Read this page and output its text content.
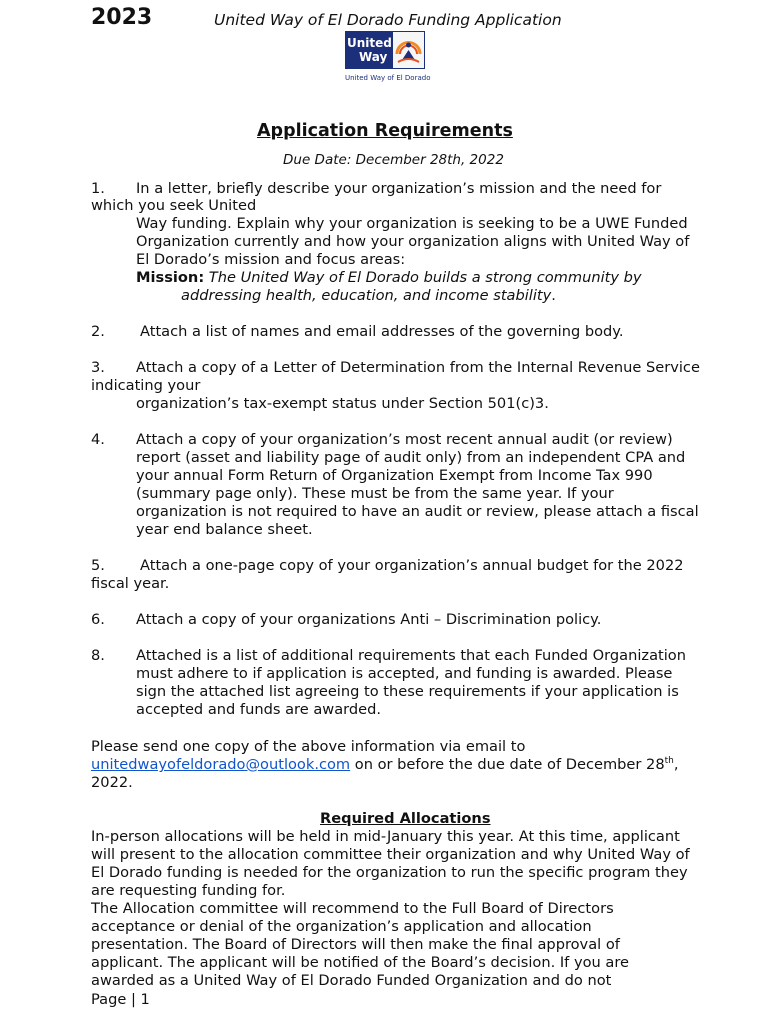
2023	United Way of El Dorado Funding Application
United
Way
United Way of El Dorado
Application Requirements
Due Date: December 28th, 2022
1. In a letter, briefly describe your organization’s mission and the need for
which you seek United
Way funding. Explain why your organization is seeking to be a UWE Funded
Organization currently and how your organization aligns with United Way of
El Dorado’s mission and focus areas:
Mission: The United Way of El Dorado builds a strong community by
addressing health, education, and income stability.
2. Attach a list of names and email addresses of the governing body.
3. Attach a copy of a Letter of Determination from the Internal Revenue Service
indicating your
organization’s tax-exempt status under Section 501(c)3.
4. Attach a copy of your organization’s most recent annual audit (or review)
report (asset and liability page of audit only) from an independent CPA and
your annual Form Return of Organization Exempt from Income Tax 990
(summary page only). These must be from the same year. If your
organization is not required to have an audit or review, please attach a fiscal
year end balance sheet.
5. Attach a one-page copy of your organization’s annual budget for the 2022
fiscal year.
6. Attach a copy of your organizations Anti – Discrimination policy.
8. Attached is a list of additional requirements that each Funded Organization
must adhere to if application is accepted, and funding is awarded. Please
sign the attached list agreeing to these requirements if your application is
accepted and funds are awarded.
Please send one copy of the above information via email to
unitedwayofeldorado@outlook.com on or before the due date of December 28th,
2022.
Required Allocations
In-person allocations will be held in mid-January this year. At this time, applicant
will present to the allocation committee their organization and why United Way of
El Dorado funding is needed for the organization to run the specific program they
are requesting funding for.
The Allocation committee will recommend to the Full Board of Directors
acceptance or denial of the organization’s application and allocation
presentation. The Board of Directors will then make the final approval of
applicant. The applicant will be notified of the Board’s decision. If you are
awarded as a United Way of El Dorado Funded Organization and do not
Page | 1
